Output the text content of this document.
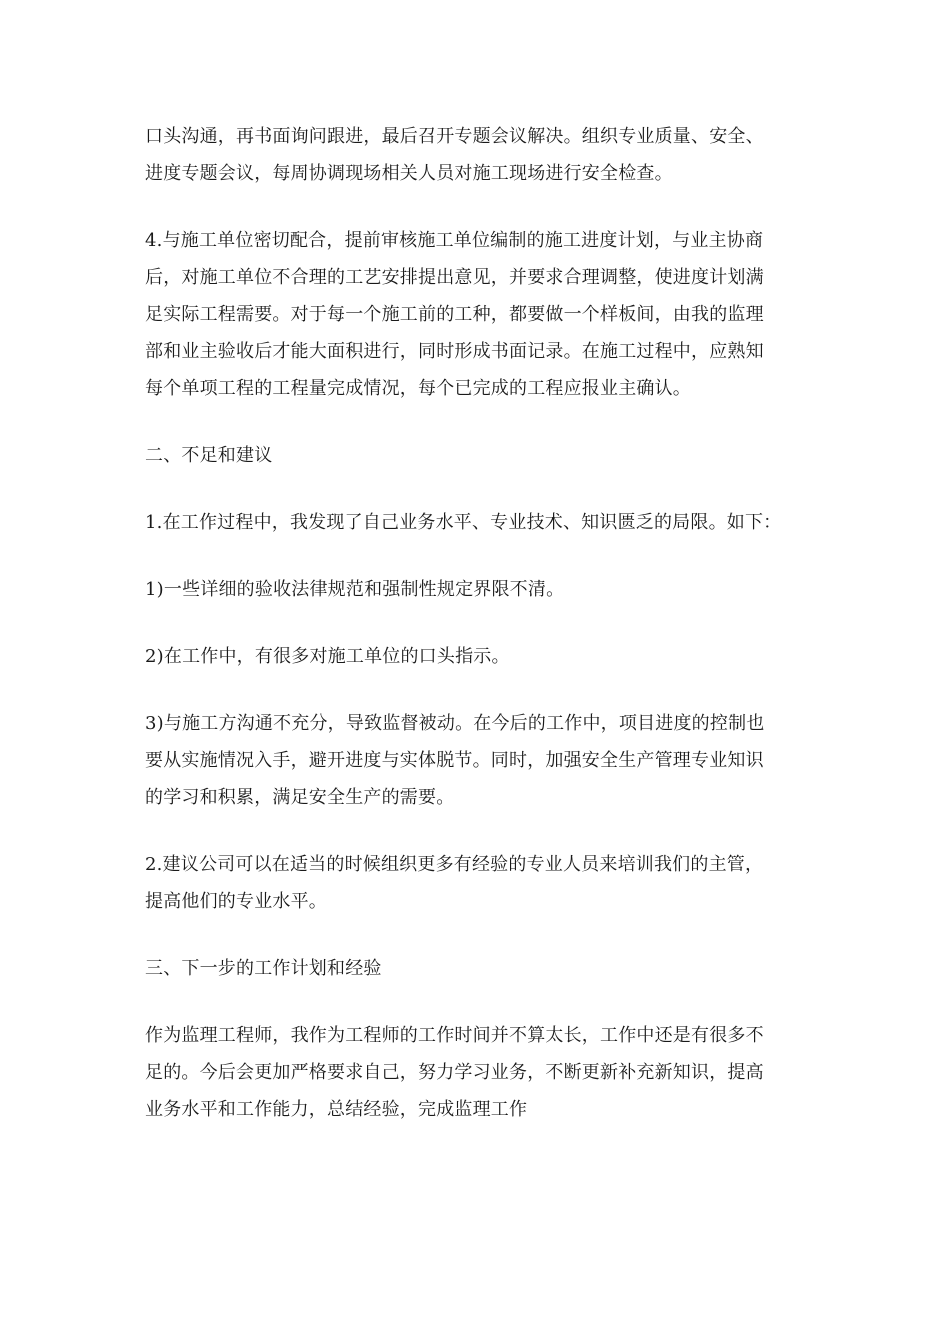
口头沟通，再书面询问跟进，最后召开专题会议解决。组织专业质量、安全、
进度专题会议，每周协调现场相关人员对施工现场进行安全检查。

4.与施工单位密切配合，提前审核施工单位编制的施工进度计划，与业主协商
后，对施工单位不合理的工艺安排提出意见，并要求合理调整，使进度计划满
足实际工程需要。对于每一个施工前的工种，都要做一个样板间，由我的监理
部和业主验收后才能大面积进行，同时形成书面记录。在施工过程中，应熟知
每个单项工程的工程量完成情况，每个已完成的工程应报业主确认。

二、不足和建议

1.在工作过程中，我发现了自己业务水平、专业技术、知识匮乏的局限。如下：

1)一些详细的验收法律规范和强制性规定界限不清。

2)在工作中，有很多对施工单位的口头指示。

3)与施工方沟通不充分，导致监督被动。在今后的工作中，项目进度的控制也
要从实施情况入手，避开进度与实体脱节。同时，加强安全生产管理专业知识
的学习和积累，满足安全生产的需要。

2.建议公司可以在适当的时候组织更多有经验的专业人员来培训我们的主管，
提高他们的专业水平。

三、下一步的工作计划和经验

作为监理工程师，我作为工程师的工作时间并不算太长，工作中还是有很多不
足的。今后会更加严格要求自己，努力学习业务，不断更新补充新知识，提高
业务水平和工作能力，总结经验，完成监理工作
